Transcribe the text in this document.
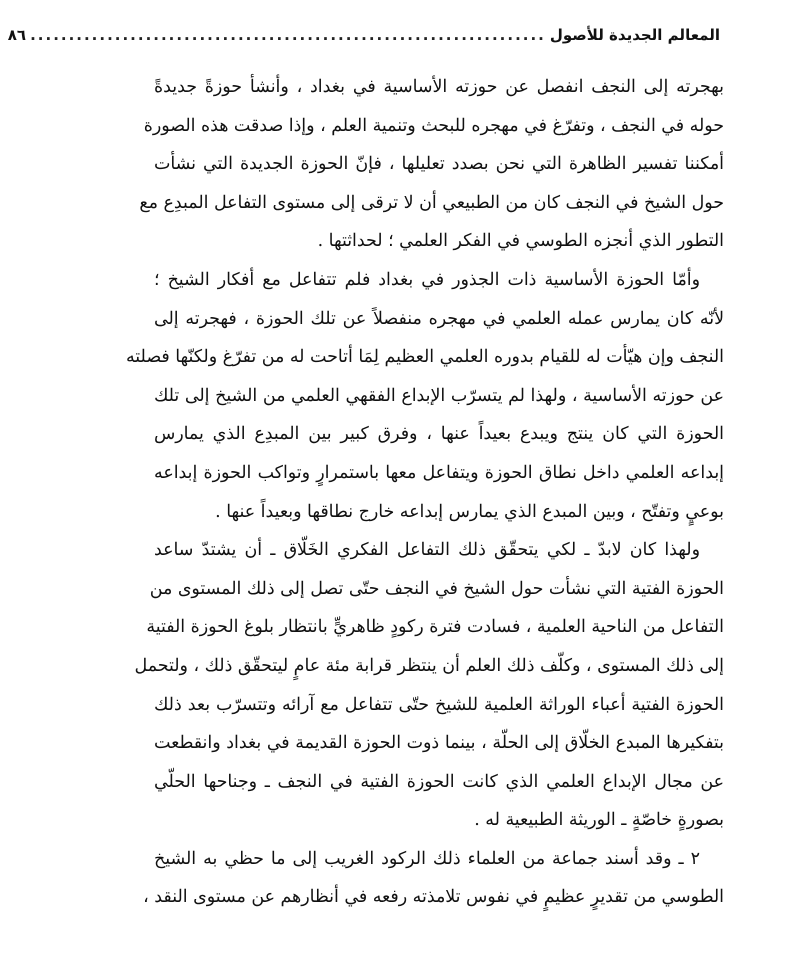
المعالم الجديدة للأصول
...................................................................
٨٦
بهجرته إلى النجف انفصل عن حوزته الأساسية في بغداد ، وأنشأ حوزةً جديدةً
حوله في النجف ، وتفرّغ في مهجره للبحث وتنمية العلم ، وإذا صدقت هذه الصورة
أمكننا تفسير الظاهرة التي نحن بصدد تعليلها ، فإنّ الحوزة الجديدة التي نشأت
حول الشيخ في النجف كان من الطبيعي أن لا ترقى إلى مستوى التفاعل المبدِع مع
التطور الذي أنجزه الطوسي في الفكر العلمي ؛ لحداثتها .
وأمّا الحوزة الأساسية ذات الجذور في بغداد فلم تتفاعل مع أفكار الشيخ ؛
لأنّه كان يمارس عمله العلمي في مهجره منفصلاً عن تلك الحوزة ، فهجرته إلى
النجف وإن هيّأت له للقيام بدوره العلمي العظيم لِمَا أتاحت له من تفرّغ ولكنّها فصلته
عن حوزته الأساسية ، ولهذا لم يتسرّب الإبداع الفقهي العلمي من الشيخ إلى تلك
الحوزة التي كان ينتج ويبدع بعيداً عنها ، وفرق كبير بين المبدِع الذي يمارس
إبداعه العلمي داخل نطاق الحوزة ويتفاعل معها باستمرارٍ وتواكب الحوزة إبداعه
بوعيٍ وتفتّح ، وبين المبدع الذي يمارس إبداعه خارج نطاقها وبعيداً عنها .
ولهذا كان لابدّ ـ لكي يتحقّق ذلك التفاعل الفكري الخَلّاق ـ أن يشتدّ ساعد
الحوزة الفتية التي نشأت حول الشيخ في النجف حتّى تصل إلى ذلك المستوى من
التفاعل من الناحية العلمية ، فسادت فترة ركودٍ ظاهريٍّ بانتظار بلوغ الحوزة الفتية
إلى ذلك المستوى ، وكلّف ذلك العلم أن ينتظر قرابة مئة عامٍ ليتحقّق ذلك ، ولتحمل
الحوزة الفتية أعباء الوراثة العلمية للشيخ حتّى تتفاعل مع آرائه وتتسرّب بعد ذلك
بتفكيرها المبدع الخلّاق إلى الحلّة ، بينما ذوت الحوزة القديمة في بغداد وانقطعت
عن مجال الإبداع العلمي الذي كانت الحوزة الفتية في النجف ـ وجناحها الحلّي
بصورةٍ خاصّةٍ ـ الوريثة الطبيعية له .
٢ ـ وقد أسند جماعة من العلماء ذلك الركود الغريب إلى ما حظي به الشيخ
الطوسي من تقديرٍ عظيمٍ في نفوس تلامذته رفعه في أنظارهم عن مستوى النقد ،
